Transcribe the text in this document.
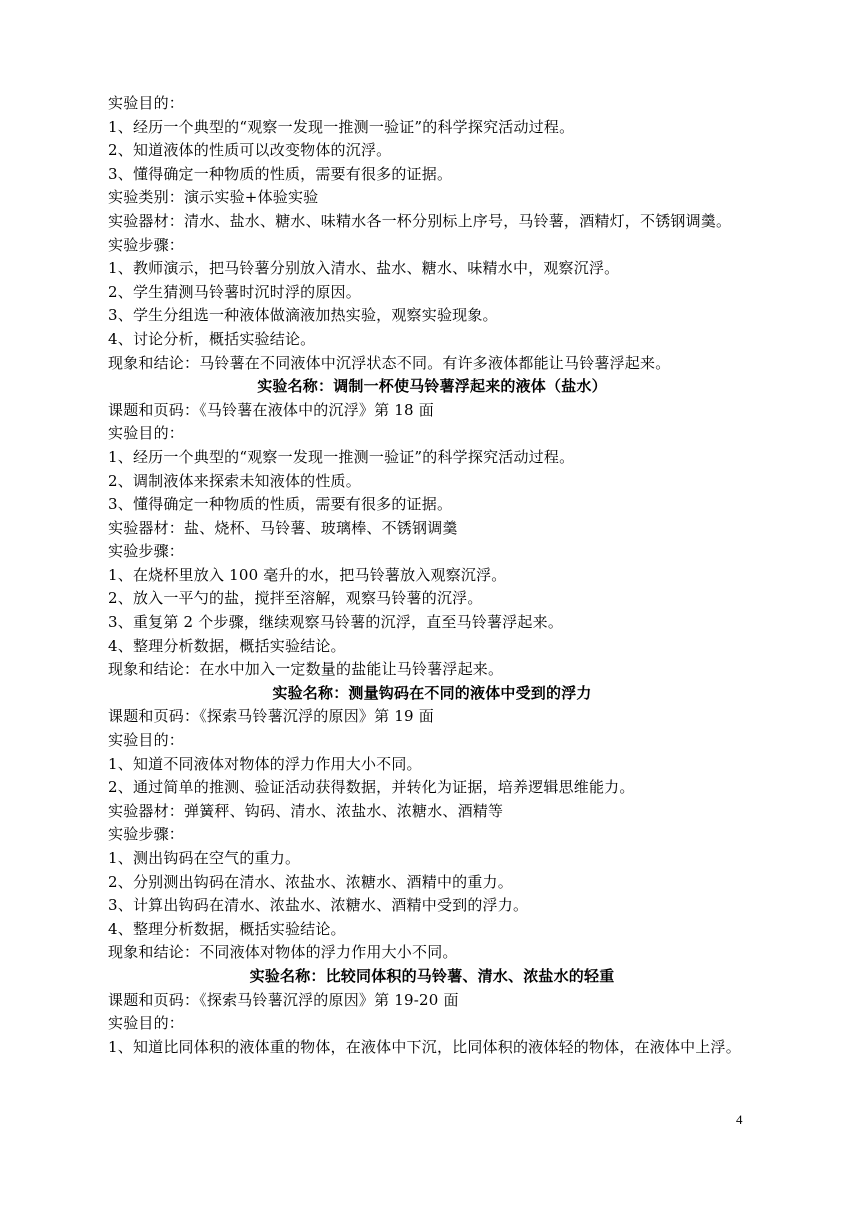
实验目的：
1、经历一个典型的“观察一发现一推测一验证”的科学探究活动过程。
2、知道液体的性质可以改变物体的沉浮。
3、懂得确定一种物质的性质，需要有很多的证据。
实验类别：演示实验+体验实验
实验器材：清水、盐水、糖水、味精水各一杯分别标上序号，马铃薯，酒精灯，不锈钢调羹。
实验步骤：
1、教师演示，把马铃薯分别放入清水、盐水、糖水、味精水中，观察沉浮。
2、学生猜测马铃薯时沉时浮的原因。
3、学生分组选一种液体做滴液加热实验，观察实验现象。
4、讨论分析，概括实验结论。
现象和结论：马铃薯在不同液体中沉浮状态不同。有许多液体都能让马铃薯浮起来。
实验名称：调制一杯使马铃薯浮起来的液体（盐水）
课题和页码：《马铃薯在液体中的沉浮》第 18 面
实验目的：
1、经历一个典型的“观察一发现一推测一验证”的科学探究活动过程。
2、调制液体来探索未知液体的性质。
3、懂得确定一种物质的性质，需要有很多的证据。
实验器材：盐、烧杯、马铃薯、玻璃棒、不锈钢调羹
实验步骤：
1、在烧杯里放入 100 毫升的水，把马铃薯放入观察沉浮。
2、放入一平勺的盐，搅拌至溶解，观察马铃薯的沉浮。
3、重复第 2 个步骤，继续观察马铃薯的沉浮，直至马铃薯浮起来。
4、整理分析数据，概括实验结论。
现象和结论：在水中加入一定数量的盐能让马铃薯浮起来。
实验名称：测量钩码在不同的液体中受到的浮力
课题和页码：《探索马铃薯沉浮的原因》第 19 面
实验目的：
1、知道不同液体对物体的浮力作用大小不同。
2、通过简单的推测、验证活动获得数据，并转化为证据，培养逻辑思维能力。
实验器材：弹簧秤、钩码、清水、浓盐水、浓糖水、酒精等
实验步骤：
1、测出钩码在空气的重力。
2、分别测出钩码在清水、浓盐水、浓糖水、酒精中的重力。
3、计算出钩码在清水、浓盐水、浓糖水、酒精中受到的浮力。
4、整理分析数据，概括实验结论。
现象和结论：不同液体对物体的浮力作用大小不同。
实验名称：比较同体积的马铃薯、清水、浓盐水的轻重
课题和页码：《探索马铃薯沉浮的原因》第 19-20 面
实验目的：
1、知道比同体积的液体重的物体，在液体中下沉，比同体积的液体轻的物体，在液体中上浮。
4
